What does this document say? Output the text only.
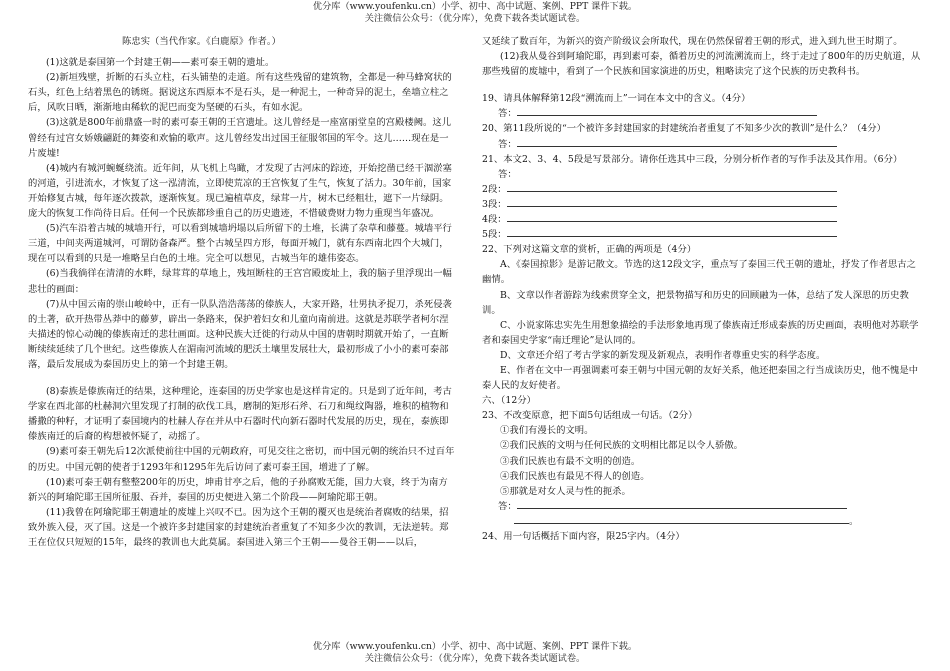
优分库（www.youfenku.cn）小学、初中、高中试题、案例、PPT 课件下载。
关注微信公众号：（优分库），免费下载各类试题试卷。

陈忠实（当代作家。《白鹿原》作者。）

(1)这就是泰国第一个封建王朝——素可泰王朝的遗址。

(2)新垣残壁，折断的石头立柱，石头铺垫的走道。所有这些残留的建筑物，全都是一种马蜂窝状的石头，红色上结着黑色的锈斑。据说这东西原本不是石头，是一种泥土，一种奇异的泥土，垒墙立柱之后，风吹日晒，渐渐地由稀软的泥巴而变为坚硬的石头，有如水泥。

(3)这就是800年前鼎盛一时的素可泰王朝的王宫遗址。这儿曾经是一座富丽堂皇的宫殿楼阙。这儿曾经有过宫女娇娥翩跹的舞姿和欢愉的歌声。这儿曾经发出过国王征服邻国的军令。这儿……现在是一片废墟!

(4)城内有城河蜿蜒绕流。近年间，从飞机上鸟瞰，才发现了古河床的踪迹，开始挖凿已经干涸淤塞的河道，引进流水，才恢复了这一泓清流，立即使荒凉的王宫恢复了生气，恢复了活力。30年前，国家开始修复古城，每年逐次拨款，逐渐恢复。现已遍植草皮，绿茸一片，树木已经粗壮，遮下一片绿阴。庞大的恢复工作尚待日后。任何一个民族都珍重自己的历史遗迹，不惜破费财力物力重现当年盛况。

(5)汽车沿着古城的城墙开行，可以看到城墙坍塌以后所留下的土堆，长满了杂草和藤蔓。城墙平行三道，中间夹两道城河，可谓防备森严。整个古城呈四方形，每面开城门，就有东西南北四个大城门，现在可以看到的只是一堆略呈白色的土堆。完全可以想见，古城当年的雄伟姿态。

(6)当我徜徉在清清的水畔，绿茸茸的草地上，残垣断柱的王宫宫殿废址上，我的脑子里浮现出一幅悲壮的画面：

(7)从中国云南的崇山峻岭中，正有一队队浩浩荡荡的傣族人，大家开路，壮男执矛捉刀，杀死侵袭的土著，砍开热带丛莽中的藤萝，辟出一条路来，保护着妇女和儿童向南前进。这就是苏联学者柯尔涅夫描述的惊心动魄的傣族南迁的悲壮画面。这种民族大迁徙的行动从中国的唐朝时期就开始了，一直断断续续延续了几个世纪。这些傣族人在湄南河流域的肥沃土壤里发展壮大，最初形成了小小的素可泰部落，最后发展成为泰国历史上的第一个封建王朝。

(8)泰族是傣族南迁的结果，这种理论，连泰国的历史学家也是这样肯定的。只是到了近年间，考古学家在西北部的杜赫洞穴里发现了打制的砍伐工具，磨制的矩形石斧、石刀和绳纹陶器，堆积的植物和播撒的种籽，才证明了泰国境内的杜赫人存在并从中石器时代向新石器时代发展的历史，现在，泰族即傣族南迁的后裔的构想被怀疑了，动摇了。

(9)素可泰王朝先后12次派使前往中国的元朝政府，可见交往之密切，而中国元朝的统治只不过百年的历史。中国元朝的使者于1293年和1295年先后访问了素可泰王国，增进了了解。

(10)素可泰王朝有整整200年的历史，坤甫甘亭之后，他的子孙腐败无能，国力大衰，终于为南方新兴的阿瑜陀耶王国所征服、吞并，泰国的历史便进入第二个阶段——阿瑜陀耶王朝。

(11)我曾在阿瑜陀耶王朝遗址的废墟上兴叹不已。因为这个王朝的覆灭也是统治者腐败的结果，招致外族入侵，灭了国。这是一个被许多封建国家的封建统治者重复了不知多少次的教训，无法逆转。郑王在位仅只短短的15年，最终的教训也大此莫属。泰国进入第三个王朝——曼谷王朝——以后，

又延续了数百年，为新兴的资产阶级议会所取代，现在仍然保留着王朝的形式，进入到九世王时期了。

(12)我从曼谷到阿瑜陀耶，再到素可泰，循着历史的河流溯流而上，终于走过了800年的历史航道，从那些残留的废墟中，看到了一个民族和国家演进的历史，粗略读完了这个民族的历史教科书。

19、请具体解释第12段“溯流而上”一词在本文中的含义。（4分）

答：

20、第11段所说的“一个被许多封建国家的封建统治者重复了不知多少次的教训”是什么？（4分）

答：

21、本文2、3、4、5段是写景部分。请你任选其中三段，分别分析作者的写作手法及其作用。（6分）

答：

2段：

3段：

4段：

5段：

22、下列对这篇文章的赏析，正确的两项是（4分）

A、《泰国掠影》是游记散文。节选的这12段文字，重点写了泰国三代王朝的遗址，抒发了作者思古之幽情。

B、文章以作者游踪为线索贯穿全文，把景物描写和历史的回顾融为一体，总结了发人深思的历史教训。

C、小说家陈忠实先生用想象描绘的手法形象地再现了傣族南迁形成泰族的历史画面，表明他对苏联学者和泰国史学家“南迁理论”是认同的。

D、文章还介绍了考古学家的新发现及新观点，表明作者尊重史实的科学态度。

E、作者在文中一再强调素可泰王朝与中国元朝的友好关系，他还把泰国之行当成读历史，他不愧是中泰人民的友好使者。

六、（12分）

23、不改变原意，把下面5句话组成一句话。（2分）

①我们有漫长的文明。

②我们民族的文明与任何民族的文明相比都足以令人骄傲。

③我们民族也有最不文明的创造。

④我们民族也有最见不得人的创造。

⑤那就是对女人灵与性的扼杀。

答：

。

24、用一句话概括下面内容，限25字内。（4分）

优分库（www.youfenku.cn）小学、初中、高中试题、案例、PPT 课件下载。
关注微信公众号：（优分库），免费下载各类试题试卷。
